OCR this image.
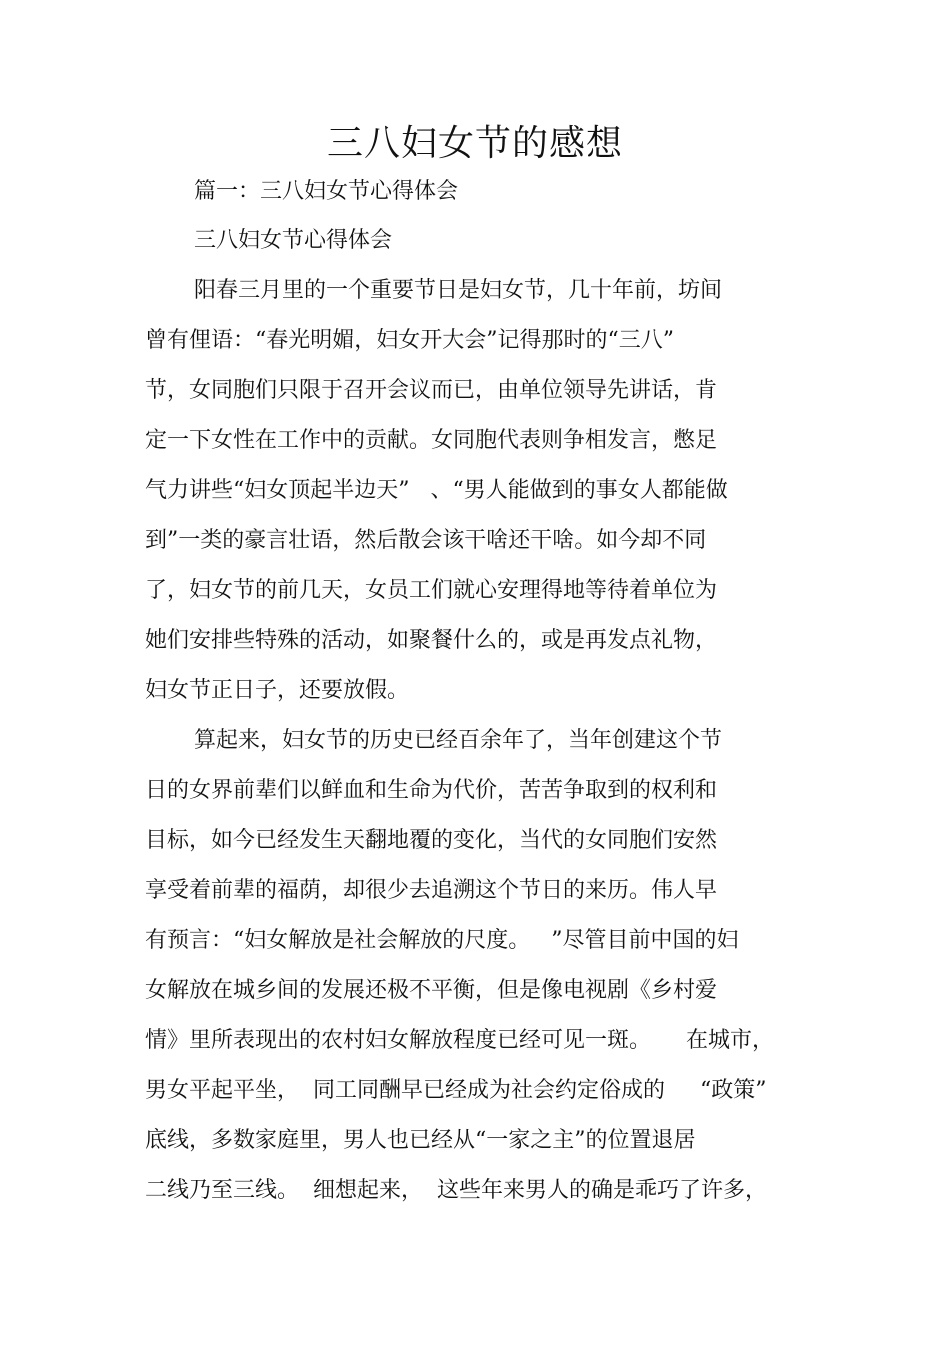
三八妇女节的感想
篇一：三八妇女节心得体会
三八妇女节心得体会
阳春三月里的一个重要节日是妇女节，几十年前，坊间
曾有俚语：“春光明媚，妇女开大会”记得那时的“三八”
节，女同胞们只限于召开会议而已，由单位领导先讲话，肯
定一下女性在工作中的贡献。女同胞代表则争相发言，憋足
气力讲些“妇女顶起半边天”   、“男人能做到的事女人都能做
到”一类的豪言壮语，然后散会该干啥还干啥。如今却不同
了，妇女节的前几天，女员工们就心安理得地等待着单位为
她们安排些特殊的活动，如聚餐什么的，或是再发点礼物，
妇女节正日子，还要放假。
算起来，妇女节的历史已经百余年了，当年创建这个节
日的女界前辈们以鲜血和生命为代价，苦苦争取到的权利和
目标，如今已经发生天翻地覆的变化，当代的女同胞们安然
享受着前辈的福荫，却很少去追溯这个节日的来历。伟人早
有预言：“妇女解放是社会解放的尺度。   ”尽管目前中国的妇
女解放在城乡间的发展还极不平衡，但是像电视剧《乡村爱
情》里所表现出的农村妇女解放程度已经可见一斑。     在城市，
男女平起平坐，  同工同酬早已经成为社会约定俗成的     “政策”
底线，多数家庭里，男人也已经从“一家之主”的位置退居
二线乃至三线。  细想起来，  这些年来男人的确是乖巧了许多，
